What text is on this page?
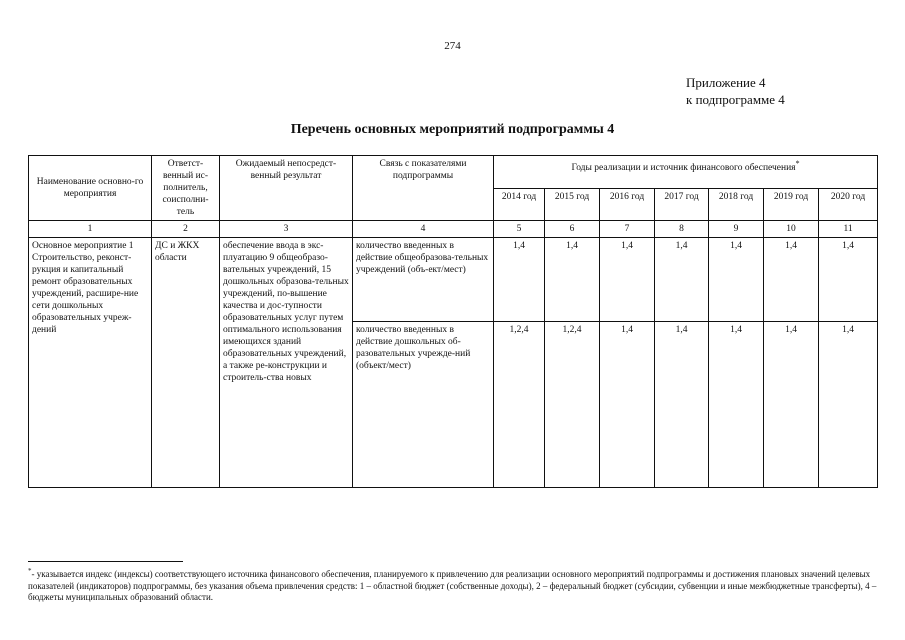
274
Приложение 4
к подпрограмме 4
Перечень основных мероприятий подпрограммы 4
Наименование основно-го мероприятия	Ответст-венный ис-полнитель, соисполни-тель	Ожидаемый непосредст-венный результат	Связь с показателями подпрограммы	Годы реализации и источник финансового обеспечения*
				2014 год	2015 год	2016 год	2017 год	2018 год	2019 год	2020 год
1	2	3	4	5	6	7	8	9	10	11
Основное мероприятие 1 Строительство, реконст-рукция и капитальный ремонт образовательных учреждений, расшире-ние сети дошкольных образовательных учреж-дений	ДС и ЖКХ области	обеспечение ввода в экс-плуатацию 9 общеобразо-вательных учреждений, 15 дошкольных образова-тельных учреждений, по-вышение качества и дос-тупности образовательных услуг путем оптимального использования имеющихся зданий образовательных учреждений, а также ре-конструкции и строитель-ства новых	количество введенных в действие общеобразова-тельных учреждений (объ-ект/мест)	1,4	1,4	1,4	1,4	1,4	1,4	1,4
			количество введенных в действие дошкольных об-разовательных учрежде-ний (объект/мест)	1,2,4	1,2,4	1,4	1,4	1,4	1,4	1,4
*- указывается индекс (индексы) соответствующего источника финансового обеспечения, планируемого к привлечению для реализации основного мероприятий подпрограммы и достижения плановых значений целевых показателей (индикаторов) подпрограммы, без указания объема привлечения средств: 1 – областной бюджет (собственные доходы), 2 – федеральный бюджет (субсидии, субвенции и иные межбюджетные трансферты), 4 – бюджеты муниципальных образований области.
